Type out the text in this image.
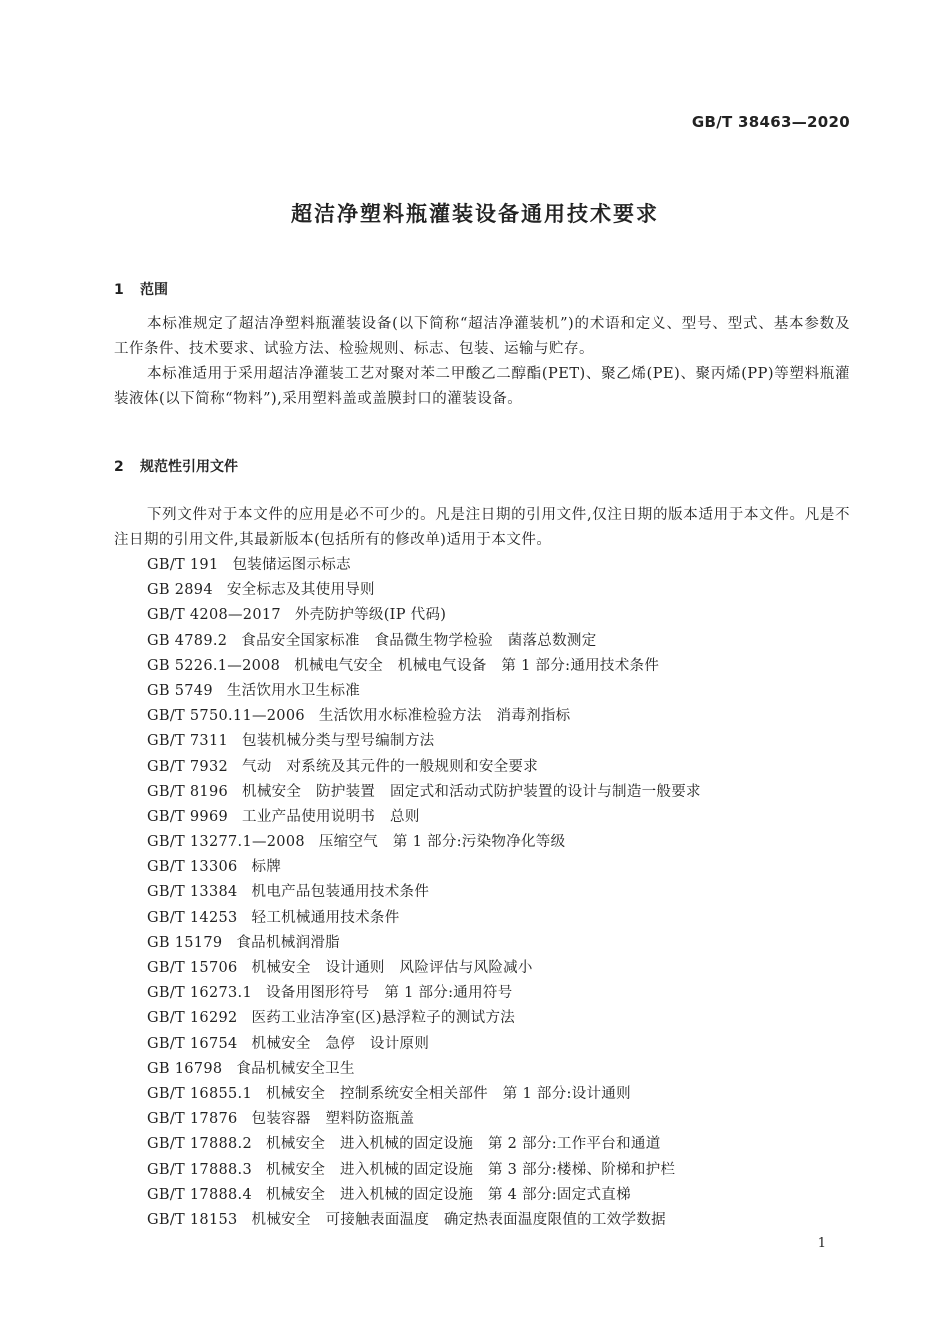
GB/T 38463—2020
超洁净塑料瓶灌装设备通用技术要求
1 范围

本标准规定了超洁净塑料瓶灌装设备(以下简称“超洁净灌装机”)的术语和定义、型号、型式、基本参数及工作条件、技术要求、试验方法、检验规则、标志、包装、运输与贮存。

本标准适用于采用超洁净灌装工艺对聚对苯二甲酸乙二醇酯(PET)、聚乙烯(PE)、聚丙烯(PP)等塑料瓶灌装液体(以下简称“物料”),采用塑料盖或盖膜封口的灌装设备。

2 规范性引用文件

下列文件对于本文件的应用是必不可少的。凡是注日期的引用文件,仅注日期的版本适用于本文件。凡是不注日期的引用文件,其最新版本(包括所有的修改单)适用于本文件。

GB/T 191 包装储运图示标志
GB 2894 安全标志及其使用导则
GB/T 4208—2017 外壳防护等级(IP 代码)
GB 4789.2 食品安全国家标准　食品微生物学检验　菌落总数测定
GB 5226.1—2008 机械电气安全　机械电气设备　第 1 部分:通用技术条件
GB 5749 生活饮用水卫生标准
GB/T 5750.11—2006 生活饮用水标准检验方法　消毒剂指标
GB/T 7311 包装机械分类与型号编制方法
GB/T 7932 气动　对系统及其元件的一般规则和安全要求
GB/T 8196 机械安全　防护装置　固定式和活动式防护装置的设计与制造一般要求
GB/T 9969 工业产品使用说明书　总则
GB/T 13277.1—2008 压缩空气　第 1 部分:污染物净化等级
GB/T 13306 标牌
GB/T 13384 机电产品包装通用技术条件
GB/T 14253 轻工机械通用技术条件
GB 15179 食品机械润滑脂
GB/T 15706 机械安全　设计通则　风险评估与风险减小
GB/T 16273.1 设备用图形符号　第 1 部分:通用符号
GB/T 16292 医药工业洁净室(区)悬浮粒子的测试方法
GB/T 16754 机械安全　急停　设计原则
GB 16798 食品机械安全卫生
GB/T 16855.1 机械安全　控制系统安全相关部件　第 1 部分:设计通则
GB/T 17876 包装容器　塑料防盗瓶盖
GB/T 17888.2 机械安全　进入机械的固定设施　第 2 部分:工作平台和通道
GB/T 17888.3 机械安全　进入机械的固定设施　第 3 部分:楼梯、阶梯和护栏
GB/T 17888.4 机械安全　进入机械的固定设施　第 4 部分:固定式直梯
GB/T 18153 机械安全　可接触表面温度　确定热表面温度限值的工效学数据
1
